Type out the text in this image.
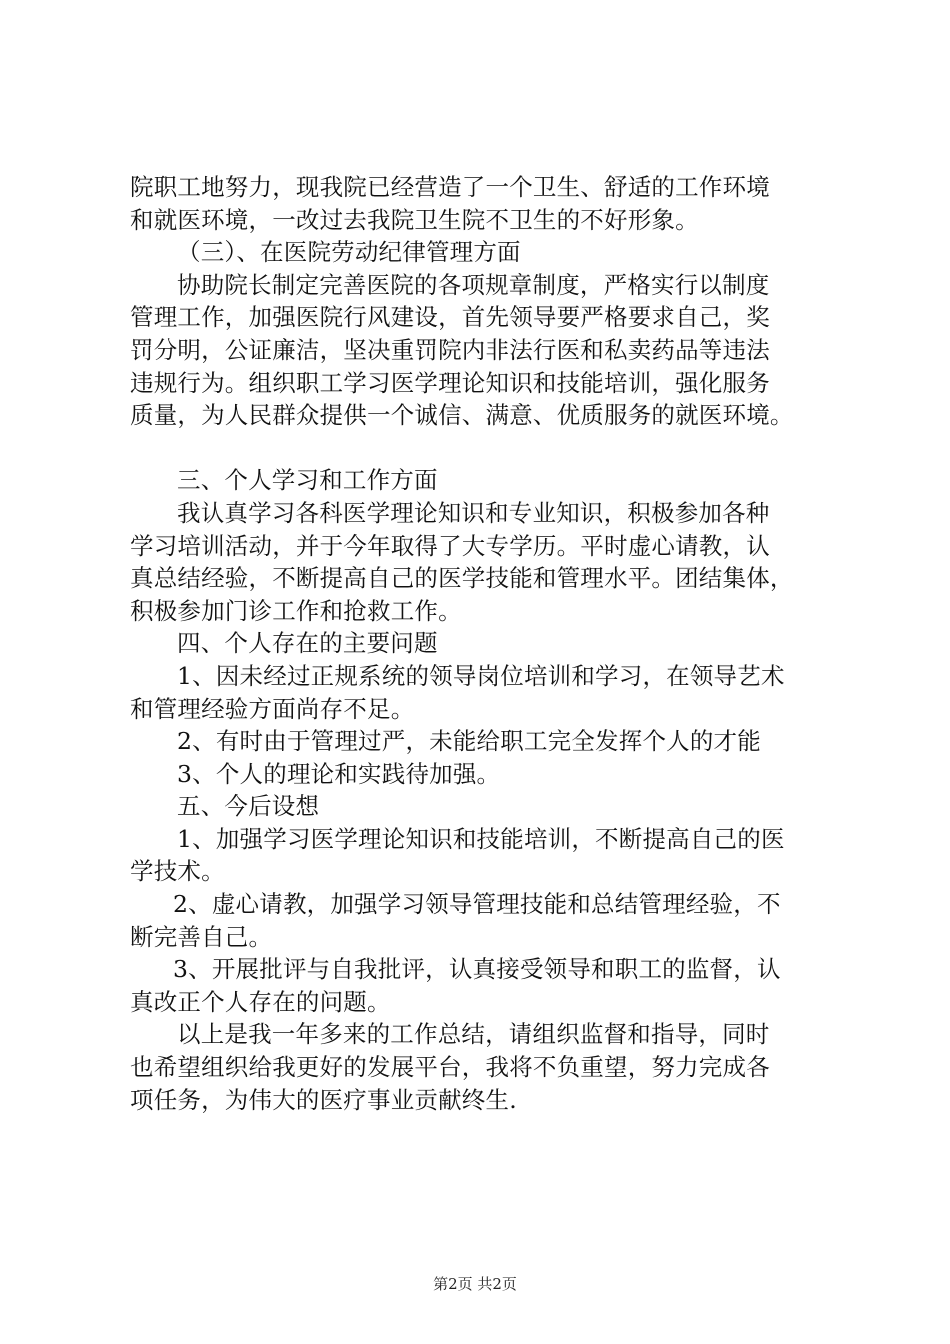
院职工地努力，现我院已经营造了一个卫生、舒适的工作环境
和就医环境，一改过去我院卫生院不卫生的不好形象。
（三）、在医院劳动纪律管理方面
协助院长制定完善医院的各项规章制度，严格实行以制度
管理工作，加强医院行风建设，首先领导要严格要求自己，奖
罚分明，公证廉洁，坚决重罚院内非法行医和私卖药品等违法
违规行为。组织职工学习医学理论知识和技能培训，强化服务
质量，为人民群众提供一个诚信、满意、优质服务的就医环境。
三、个人学习和工作方面
我认真学习各科医学理论知识和专业知识，积极参加各种
学习培训活动，并于今年取得了大专学历。平时虚心请教，认
真总结经验，不断提高自己的医学技能和管理水平。团结集体，
积极参加门诊工作和抢救工作。
四、个人存在的主要问题
1、因未经过正规系统的领导岗位培训和学习，在领导艺术
和管理经验方面尚存不足。
2、有时由于管理过严，未能给职工完全发挥个人的才能
3、个人的理论和实践待加强。
五、今后设想
1、加强学习医学理论知识和技能培训，不断提高自己的医
学技术。
2、虚心请教，加强学习领导管理技能和总结管理经验，不
断完善自己。
3、开展批评与自我批评，认真接受领导和职工的监督，认
真改正个人存在的问题。
以上是我一年多来的工作总结，请组织监督和指导，同时
也希望组织给我更好的发展平台，我将不负重望，努力完成各
项任务，为伟大的医疗事业贡献终生.
第2页 共2页
